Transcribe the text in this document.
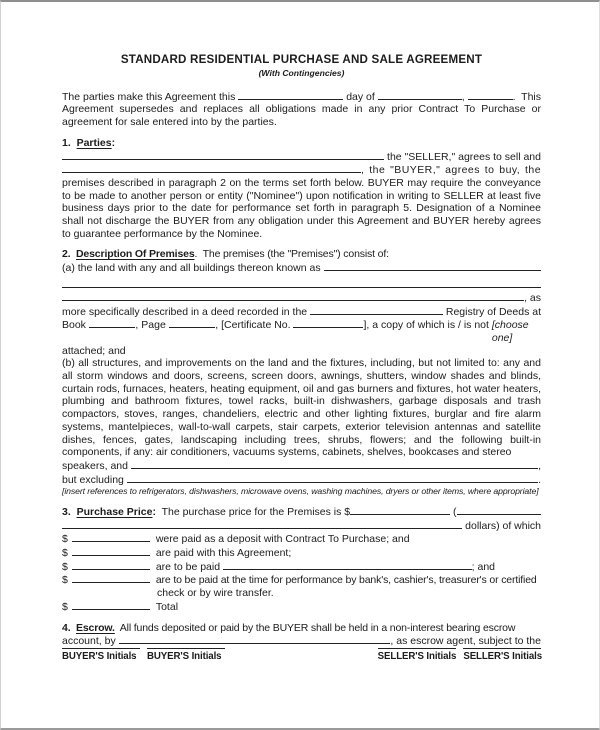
STANDARD RESIDENTIAL PURCHASE AND SALE AGREEMENT
(With Contingencies)
The parties make this Agreement this	day of	,	.  This

Agreement supersedes and replaces all obligations made in any prior Contract To Purchase or agreement for sale entered into by the parties.

1.  Parties:
the "SELLER," agrees to sell and
, the "BUYER," agrees to buy, the

premises described in paragraph 2 on the terms set forth below. BUYER may require the conveyance to be made to another person or entity ("Nominee") upon notification in writing to SELLER at least five business days prior to the date for performance set forth in paragraph 5. Designation of a Nominee shall not discharge the BUYER from any obligation under this Agreement and BUYER hereby agrees to guarantee performance by the Nominee.

2.  Description Of Premises.  The premises (the "Premises") consist of:
(a) the land with any and all buildings thereon known as
, as
more specifically described in a deed recorded in the	Registry of Deeds at
Book	, Page	, [Certificate No.	], a copy of which is / is not [choose one]
attached; and

(b) all structures, and improvements on the land and the fixtures, including, but not limited to: any and all storm windows and doors, screens, screen doors, awnings, shutters, window shades and blinds, curtain rods, furnaces, heaters, heating equipment, oil and gas burners and fixtures, hot water heaters, plumbing and bathroom fixtures, towel racks, built-in dishwashers, garbage disposals and trash compactors, stoves, ranges, chandeliers, electric and other lighting fixtures, burglar and fire alarm systems, mantelpieces, wall-to-wall carpets, stair carpets, exterior television antennas and satellite dishes, fences, gates, landscaping including trees, shrubs, flowers; and the following built-in components, if any: air conditioners, vacuums systems, cabinets, shelves, bookcases and stereo

speakers, and	,
but excluding	.
[insert references to refrigerators, dishwashers, microwave ovens, washing machines, dryers or other items, where appropriate]
3. Purchase Price : The purchase price for the Premises is $	(
dollars) of which
$	were paid as a deposit with Contract To Purchase; and
$	are paid with this Agreement;
$	are to be paid	; and
$	are to be paid at the time for performance by bank's, cashier's, treasurer's or certified
check or by wire transfer.
$	Total
4.  Escrow.  All funds deposited or paid by the BUYER shall be held in a non-interest bearing escrow
account, by	, as escrow agent, subject to the
BUYER'S Initials	BUYER'S Initials	SELLER'S Initials SELLER'S Initials
